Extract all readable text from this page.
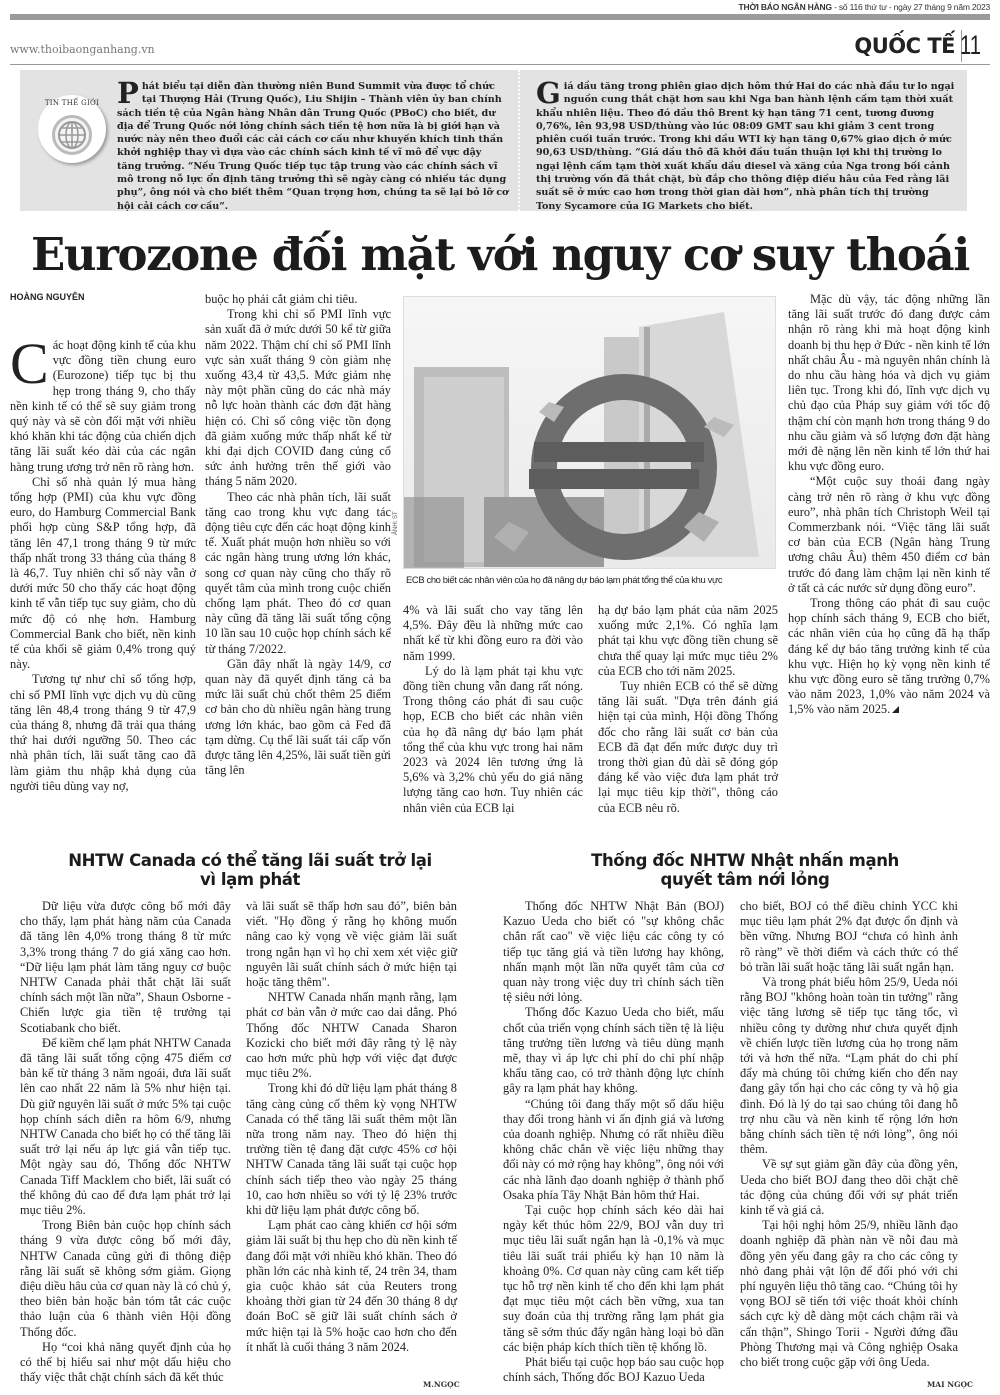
THỜI BÁO NGÂN HÀNG - số 116 thứ tư - ngày 27 tháng 9 năm 2023
www.thoibaonganhang.vn	QUỐC TẾ 11
TIN THẾ GIỚI Phát biểu tại diễn đàn thường niên Bund Summit vừa được tổ chức tại Thượng Hải (Trung Quốc), Liu Shijin – Thành viên ủy ban chính sách tiền tệ của Ngân hàng Nhân dân Trung Quốc (PBoC) cho biết, dư địa để Trung Quốc nới lỏng chính sách tiền tệ hơn nữa là bị giới hạn và nước này nên theo đuổi các cải cách cơ cấu như khuyến khích tinh thần khởi nghiệp thay vì dựa vào các chính sách kinh tế vĩ mô để vực dậy tăng trưởng. “Nếu Trung Quốc tiếp tục tập trung vào các chính sách vĩ mô trong nỗ lực ổn định tăng trưởng thì sẽ ngày càng có nhiều tác dụng phụ”, ông nói và cho biết thêm “Quan trọng hơn, chúng ta sẽ lại bỏ lỡ cơ hội cải cách cơ cấu”.
Giá dầu tăng trong phiên giao dịch hôm thứ Hai do các nhà đầu tư lo ngại nguồn cung thắt chặt hơn sau khi Nga ban hành lệnh cấm tạm thời xuất khẩu nhiên liệu. Theo đó dầu thô Brent kỳ hạn tăng 71 cent, tương đương 0,76%, lên 93,98 USD/thùng vào lúc 08:09 GMT sau khi giảm 3 cent trong phiên cuối tuần trước. Trong khi dầu WTI kỳ hạn tăng 0,67% giao dịch ở mức 90,63 USD/thùng. “Giá dầu thô đã khởi đầu tuần thuận lợi khi thị trường lo ngại lệnh cấm tạm thời xuất khẩu dầu diesel và xăng của Nga trong bối cảnh thị trường vốn đã thắt chặt, bù đắp cho thông điệp diều hâu của Fed rằng lãi suất sẽ ở mức cao hơn trong thời gian dài hơn”, nhà phân tích thị trường Tony Sycamore của IG Markets cho biết.
Eurozone đối mặt với nguy cơ suy thoái
HOÀNG NGUYÊN

Các hoạt động kinh tế của khu vực đồng tiền chung euro (Eurozone) tiếp tục bị thu hẹp trong tháng 9, cho thấy nền kinh tế có thể sẽ suy giảm trong quý này và sẽ còn đối mặt với nhiều khó khăn khi tác động của chiến dịch tăng lãi suất kéo dài của các ngân hàng trung ương trở nên rõ ràng hơn.

Chỉ số nhà quản lý mua hàng tổng hợp (PMI) của khu vực đồng euro, do Hamburg Commercial Bank phối hợp cùng S&P tổng hợp, đã tăng lên 47,1 trong tháng 9 từ mức thấp nhất trong 33 tháng của tháng 8 là 46,7. Tuy nhiên chỉ số này vẫn ở dưới mức 50 cho thấy các hoạt động kinh tế vẫn tiếp tục suy giảm, cho dù mức độ có nhẹ hơn. Hamburg Commercial Bank cho biết, nền kinh tế của khối sẽ giảm 0,4% trong quý này.

Tương tự như chỉ số tổng hợp, chỉ số PMI lĩnh vực dịch vụ dù cũng tăng lên 48,4 trong tháng 9 từ 47,9 của tháng 8, nhưng đã trải qua tháng thứ hai dưới ngưỡng 50. Theo các nhà phân tích, lãi suất tăng cao đã làm giảm thu nhập khả dụng của người tiêu dùng vay nợ,

buộc họ phải cắt giảm chi tiêu.

Trong khi chỉ số PMI lĩnh vực sản xuất đã ở mức dưới 50 kể từ giữa năm 2022. Thậm chí chỉ số PMI lĩnh vực sản xuất tháng 9 còn giảm nhẹ xuống 43,4 từ 43,5. Mức giảm nhẹ này một phần cũng do các nhà máy nỗ lực hoàn thành các đơn đặt hàng hiện có. Chỉ số công việc tồn đọng đã giảm xuống mức thấp nhất kể từ khi đại dịch COVID đang củng cố sức ảnh hưởng trên thế giới vào tháng 5 năm 2020.

Theo các nhà phân tích, lãi suất tăng cao trong khu vực đang tác động tiêu cực đến các hoạt động kinh tế. Xuất phát muộn hơn nhiều so với các ngân hàng trung ương lớn khác, song cơ quan này cũng cho thấy rõ quyết tâm của mình trong cuộc chiến chống lạm phát. Theo đó cơ quan này cũng đã tăng lãi suất tổng cộng 10 lần sau 10 cuộc họp chính sách kể từ tháng 7/2022.

Gần đây nhất là ngày 14/9, cơ quan này đã quyết định tăng cả ba mức lãi suất chủ chốt thêm 25 điểm cơ bản cho dù nhiều ngân hàng trung ương lớn khác, bao gồm cả Fed đã tạm dừng. Cụ thể lãi suất tái cấp vốn được tăng lên 4,25%, lãi suất tiền gửi tăng lên

ẢNH: ST
ECB cho biết các nhân viên của họ đã nâng dự báo lạm phát tổng thể của khu vực

4% và lãi suất cho vay tăng lên 4,5%. Đây đều là những mức cao nhất kể từ khi đồng euro ra đời vào năm 1999.

Lý do là lạm phát tại khu vực đồng tiền chung vẫn đang rất nóng. Trong thông cáo phát đi sau cuộc họp, ECB cho biết các nhân viên của họ đã nâng dự báo lạm phát tổng thể của khu vực trong hai năm 2023 và 2024 lên tương ứng là 5,6% và 3,2% chủ yếu do giá năng lượng tăng cao hơn. Tuy nhiên các nhân viên của ECB lại

hạ dự báo lạm phát của năm 2025 xuống mức 2,1%. Có nghĩa lạm phát tại khu vực đồng tiền chung sẽ chưa thể quay lại mức mục tiêu 2% của ECB cho tới năm 2025.

Tuy nhiên ECB có thể sẽ dừng tăng lãi suất. "Dựa trên đánh giá hiện tại của mình, Hội đồng Thống đốc cho rằng lãi suất cơ bản của ECB đã đạt đến mức được duy trì trong thời gian đủ dài sẽ đóng góp đáng kể vào việc đưa lạm phát trở lại mục tiêu kịp thời", thông cáo của ECB nêu rõ.

Mặc dù vậy, tác động những lần tăng lãi suất trước đó đang được cảm nhận rõ ràng khi mà hoạt động kinh doanh bị thu hẹp ở Đức - nền kinh tế lớn nhất châu Âu - mà nguyên nhân chính là do nhu cầu hàng hóa và dịch vụ giảm liên tục. Trong khi đó, lĩnh vực dịch vụ chủ đạo của Pháp suy giảm với tốc độ thậm chí còn mạnh hơn trong tháng 9 do nhu cầu giảm và số lượng đơn đặt hàng mới đè nặng lên nền kinh tế lớn thứ hai khu vực đồng euro.

“Một cuộc suy thoái đang ngày càng trở nên rõ ràng ở khu vực đồng euro”, nhà phân tích Christoph Weil tại Commerzbank nói. “Việc tăng lãi suất cơ bản của ECB (Ngân hàng Trung ương châu Âu) thêm 450 điểm cơ bản trước đó đang làm chậm lại nền kinh tế ở tất cả các nước sử dụng đồng euro”.

Trong thông cáo phát đi sau cuộc họp chính sách tháng 9, ECB cho biết, các nhân viên của họ cũng đã hạ thấp đáng kể dự báo tăng trưởng kinh tế của khu vực. Hiện họ kỳ vọng nền kinh tế khu vực đồng euro sẽ tăng trưởng 0,7% vào năm 2023, 1,0% vào năm 2024 và 1,5% vào năm 2025.

NHTW Canada có thể tăng lãi suất trở lại
vì lạm phát

Dữ liệu vừa được công bố mới đây cho thấy, lạm phát hàng năm của Canada đã tăng lên 4,0% trong tháng 8 từ mức 3,3% trong tháng 7 do giá xăng cao hơn. “Dữ liệu lạm phát làm tăng nguy cơ buộc NHTW Canada phải thắt chặt lãi suất chính sách một lần nữa”, Shaun Osborne - Chiến lược gia tiền tệ trưởng tại Scotiabank cho biết.

Để kiềm chế lạm phát NHTW Canada đã tăng lãi suất tổng cộng 475 điểm cơ bản kể từ tháng 3 năm ngoái, đưa lãi suất lên cao nhất 22 năm là 5% như hiện tại. Dù giữ nguyên lãi suất ở mức 5% tại cuộc họp chính sách diễn ra hôm 6/9, nhưng NHTW Canada cho biết họ có thể tăng lãi suất trở lại nếu áp lực giá vẫn tiếp tục. Một ngày sau đó, Thống đốc NHTW Canada Tiff Macklem cho biết, lãi suất có thể không đủ cao để đưa lạm phát trở lại mục tiêu 2%.

Trong Biên bản cuộc họp chính sách tháng 9 vừa được công bố mới đây, NHTW Canada cũng gửi đi thông điệp rằng lãi suất sẽ không sớm giảm. Giọng điệu diều hâu của cơ quan này là có chủ ý, theo biên bản hoặc bản tóm tắt các cuộc thảo luận của 6 thành viên Hội đồng Thống đốc.

Họ “coi khả năng quyết định của họ có thể bị hiểu sai như một dấu hiệu cho thấy việc thắt chặt chính sách đã kết thúc

và lãi suất sẽ thấp hơn sau đó”, biên bản viết. "Họ đồng ý rằng họ không muốn nâng cao kỳ vọng về việc giảm lãi suất trong ngắn hạn vì họ chỉ xem xét việc giữ nguyên lãi suất chính sách ở mức hiện tại hoặc tăng thêm".

NHTW Canada nhấn mạnh rằng, lạm phát cơ bản vẫn ở mức cao dai dẳng. Phó Thống đốc NHTW Canada Sharon Kozicki cho biết mới đây rằng tỷ lệ này cao hơn mức phù hợp với việc đạt được mục tiêu 2%.

Trong khi đó dữ liệu lạm phát tháng 8 tăng càng củng cố thêm kỳ vọng NHTW Canada có thể tăng lãi suất thêm một lần nữa trong năm nay. Theo đó hiện thị trường tiền tệ đang đặt cược 45% cơ hội NHTW Canada tăng lãi suất tại cuộc họp chính sách tiếp theo vào ngày 25 tháng 10, cao hơn nhiều so với tỷ lệ 23% trước khi dữ liệu lạm phát được công bố.

Lạm phát cao càng khiến cơ hội sớm giảm lãi suất bị thu hẹp cho dù nền kinh tế đang đối mặt với nhiều khó khăn. Theo đó phần lớn các nhà kinh tế, 24 trên 34, tham gia cuộc khảo sát của Reuters trong khoảng thời gian từ 24 đến 30 tháng 8 dự đoán BoC sẽ giữ lãi suất chính sách ở mức hiện tại là 5% hoặc cao hơn cho đến ít nhất là cuối tháng 3 năm 2024.

M.NGỌC
Thống đốc NHTW Nhật nhấn mạnh
quyết tâm nới lỏng

Thống đốc NHTW Nhật Bản (BOJ) Kazuo Ueda cho biết có "sự không chắc chắn rất cao" về việc liệu các công ty có tiếp tục tăng giá và tiền lương hay không, nhấn mạnh một lần nữa quyết tâm của cơ quan này trong việc duy trì chính sách tiền tệ siêu nới lỏng.

Thống đốc Kazuo Ueda cho biết, mấu chốt của triển vọng chính sách tiền tệ là liệu tăng trưởng tiền lương và tiêu dùng mạnh mẽ, thay vì áp lực chi phí do chi phí nhập khẩu tăng cao, có trở thành động lực chính gây ra lạm phát hay không.

“Chúng tôi đang thấy một số dấu hiệu thay đổi trong hành vi ấn định giá và lương của doanh nghiệp. Nhưng có rất nhiều điều không chắc chắn về việc liệu những thay đổi này có mở rộng hay không”, ông nói với các nhà lãnh đạo doanh nghiệp ở thành phố Osaka phía Tây Nhật Bản hôm thứ Hai.

Tại cuộc họp chính sách kéo dài hai ngày kết thúc hôm 22/9, BOJ vẫn duy trì mục tiêu lãi suất ngắn hạn là -0,1% và mục tiêu lãi suất trái phiếu kỳ hạn 10 năm là khoảng 0%. Cơ quan này cũng cam kết tiếp tục hỗ trợ nền kinh tế cho đến khi lạm phát đạt mục tiêu một cách bền vững, xua tan suy đoán của thị trường rằng lạm phát gia tăng sẽ sớm thúc đẩy ngân hàng loại bỏ dần các biện pháp kích thích tiền tệ khổng lồ.

Phát biểu tại cuộc họp báo sau cuộc họp chính sách, Thống đốc BOJ Kazuo Ueda

cho biết, BOJ có thể điều chỉnh YCC khi mục tiêu lạm phát 2% đạt được ổn định và bền vững. Nhưng BOJ “chưa có hình ảnh rõ ràng” về thời điểm và cách thức có thể bỏ trần lãi suất hoặc tăng lãi suất ngắn hạn.

Và trong phát biểu hôm 25/9, Ueda nói rằng BOJ "không hoàn toàn tin tưởng" rằng việc tăng lương sẽ tiếp tục tăng tốc, vì nhiều công ty dường như chưa quyết định về chiến lược tiền lương của họ trong năm tới và hơn thế nữa. “Lạm phát do chi phí đẩy mà chúng tôi chứng kiến cho đến nay đang gây tổn hại cho các công ty và hộ gia đình. Đó là lý do tại sao chúng tôi đang hỗ trợ nhu cầu và nền kinh tế rộng lớn hơn bằng chính sách tiền tệ nới lỏng”, ông nói thêm.

Về sự sụt giảm gần đây của đồng yên, Ueda cho biết BOJ đang theo dõi chặt chẽ tác động của chúng đối với sự phát triển kinh tế và giá cả.

Tại hội nghị hôm 25/9, nhiều lãnh đạo doanh nghiệp đã phàn nàn về nỗi đau mà đồng yên yếu đang gây ra cho các công ty nhỏ đang phải vật lộn để đối phó với chi phí nguyên liệu thô tăng cao. “Chúng tôi hy vọng BOJ sẽ tiến tới việc thoát khỏi chính sách cực kỳ dễ dàng một cách chậm rãi và cẩn thận”, Shingo Torii - Người đứng đầu Phòng Thương mại và Công nghiệp Osaka cho biết trong cuộc gặp với ông Ueda.

MAI NGỌC
